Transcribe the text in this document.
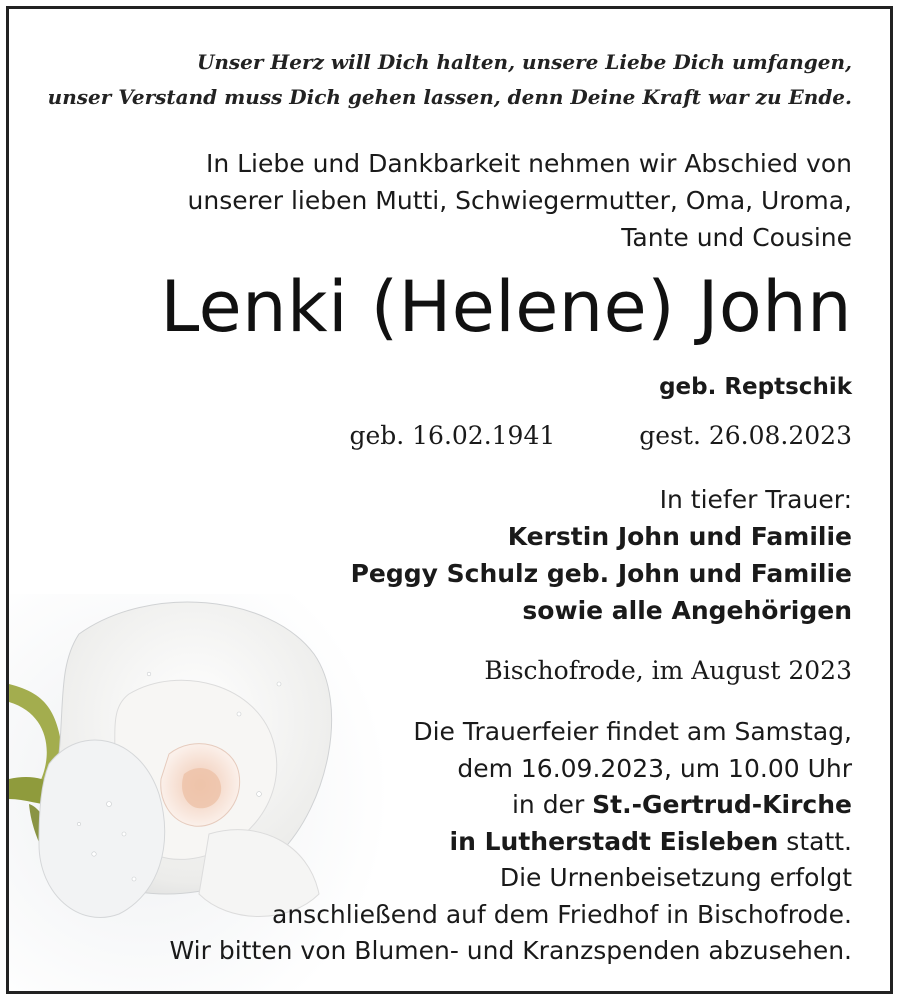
Unser Herz will Dich halten, unsere Liebe Dich umfangen,
unser Verstand muss Dich gehen lassen, denn Deine Kraft war zu Ende.
In Liebe und Dankbarkeit nehmen wir Abschied von
unserer lieben Mutti, Schwiegermutter, Oma, Uroma,
Tante und Cousine
Lenki (Helene) John
geb. Reptschik
geb. 16.02.1941	gest. 26.08.2023
In tiefer Trauer:
Kerstin John und Familie
Peggy Schulz geb. John und Familie
sowie alle Angehörigen
Bischofrode, im August 2023
Die Trauerfeier findet am Samstag,
dem 16.09.2023, um 10.00 Uhr
in der St.-Gertrud-Kirche
in Lutherstadt Eisleben statt.
Die Urnenbeisetzung erfolgt
anschließend auf dem Friedhof in Bischofrode.
Wir bitten von Blumen- und Kranzspenden abzusehen.
